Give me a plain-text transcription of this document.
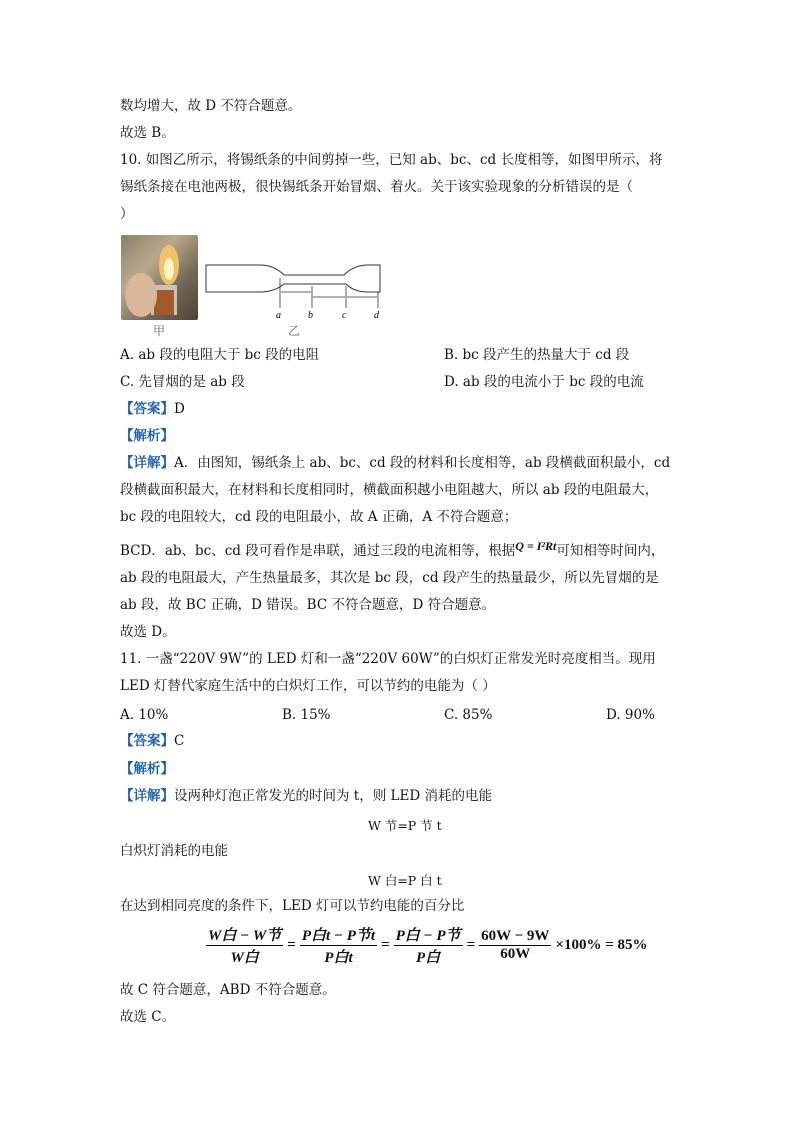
数均增大，故 D 不符合题意。
故选 B。
10. 如图乙所示，将锡纸条的中间剪掉一些，已知 ab、bc、cd 长度相等，如图甲所示，将
锡纸条接在电池两极，很快锡纸条开始冒烟、着火。关于该实验现象的分析错误的是（
）
甲
a	b	c	d
乙
A. ab 段的电阻大于 bc 段的电阻	B. bc 段产生的热量大于 cd 段
C. 先冒烟的是 ab 段	D. ab 段的电流小于 bc 段的电流
【答案】D
【解析】
【详解】A．由图知，锡纸条上 ab、bc、cd 段的材料和长度相等，ab 段横截面积最小，cd
段横截面积最大，在材料和长度相同时，横截面积越小电阻越大，所以 ab 段的电阻最大，
bc 段的电阻较大，cd 段的电阻最小，故 A 正确，A 不符合题意；
BCD．ab、bc、cd 段可看作是串联，通过三段的电流相等，根据Q = I²Rt可知相等时间内，
ab 段的电阻最大，产生热量最多，其次是 bc 段，cd 段产生的热量最少，所以先冒烟的是
ab 段，故 BC 正确，D 错误。BC 不符合题意，D 符合题意。
故选 D。
11. 一盏“220V 9W”的 LED 灯和一盏“220V 60W”的白炽灯正常发光时亮度相当。现用
LED 灯替代家庭生活中的白炽灯工作，可以节约的电能为（ ）
A. 10%	B. 15%	C. 85%	D. 90%
【答案】C
【解析】
【详解】设两种灯泡正常发光的时间为 t，则 LED 消耗的电能
W 节=P 节 t
白炽灯消耗的电能
W 白=P 白 t
在达到相同亮度的条件下，LED 灯可以节约电能的百分比
$\frac{\text{W白 − W节}}{\text{W白}} = \frac{\text{P白t − P节t}}{\text{P白t}} = \frac{\text{P白 − P节}}{\text{P白}} = \frac{60W - 9W}{60W} \times 100\% = 85\%$
故 C 符合题意，ABD 不符合题意。
故选 C。
